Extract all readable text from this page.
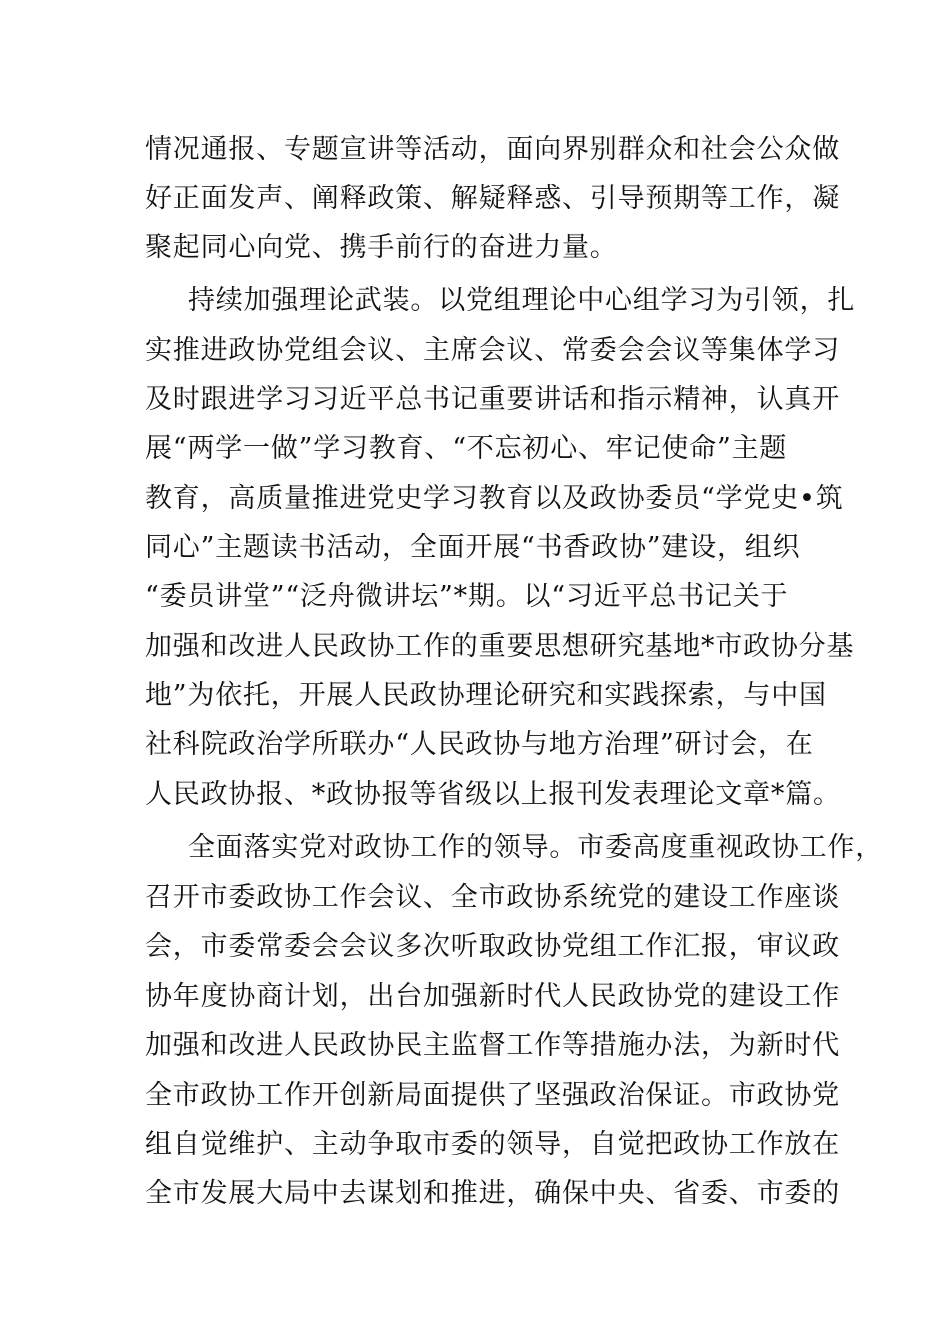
情况通报、专题宣讲等活动，面向界别群众和社会公众做
好正面发声、阐释政策、解疑释惑、引导预期等工作，凝
聚起同心向党、携手前行的奋进力量。
持续加强理论武装。以党组理论中心组学习为引领，扎
实推进政协党组会议、主席会议、常委会会议等集体学习
及时跟进学习习近平总书记重要讲话和指示精神，认真开
展“两学一做”学习教育、“不忘初心、牢记使命”主题
教育，高质量推进党史学习教育以及政协委员“学党史•筑
同心”主题读书活动，全面开展“书香政协”建设，组织
“委员讲堂”“泛舟微讲坛”*期。以“习近平总书记关于
加强和改进人民政协工作的重要思想研究基地*市政协分基
地”为依托，开展人民政协理论研究和实践探索，与中国
社科院政治学所联办“人民政协与地方治理”研讨会，在
人民政协报、*政协报等省级以上报刊发表理论文章*篇。
全面落实党对政协工作的领导。市委高度重视政协工作，
召开市委政协工作会议、全市政协系统党的建设工作座谈
会，市委常委会会议多次听取政协党组工作汇报，审议政
协年度协商计划，出台加强新时代人民政协党的建设工作
加强和改进人民政协民主监督工作等措施办法，为新时代
全市政协工作开创新局面提供了坚强政治保证。市政协党
组自觉维护、主动争取市委的领导，自觉把政协工作放在
全市发展大局中去谋划和推进，确保中央、省委、市委的
